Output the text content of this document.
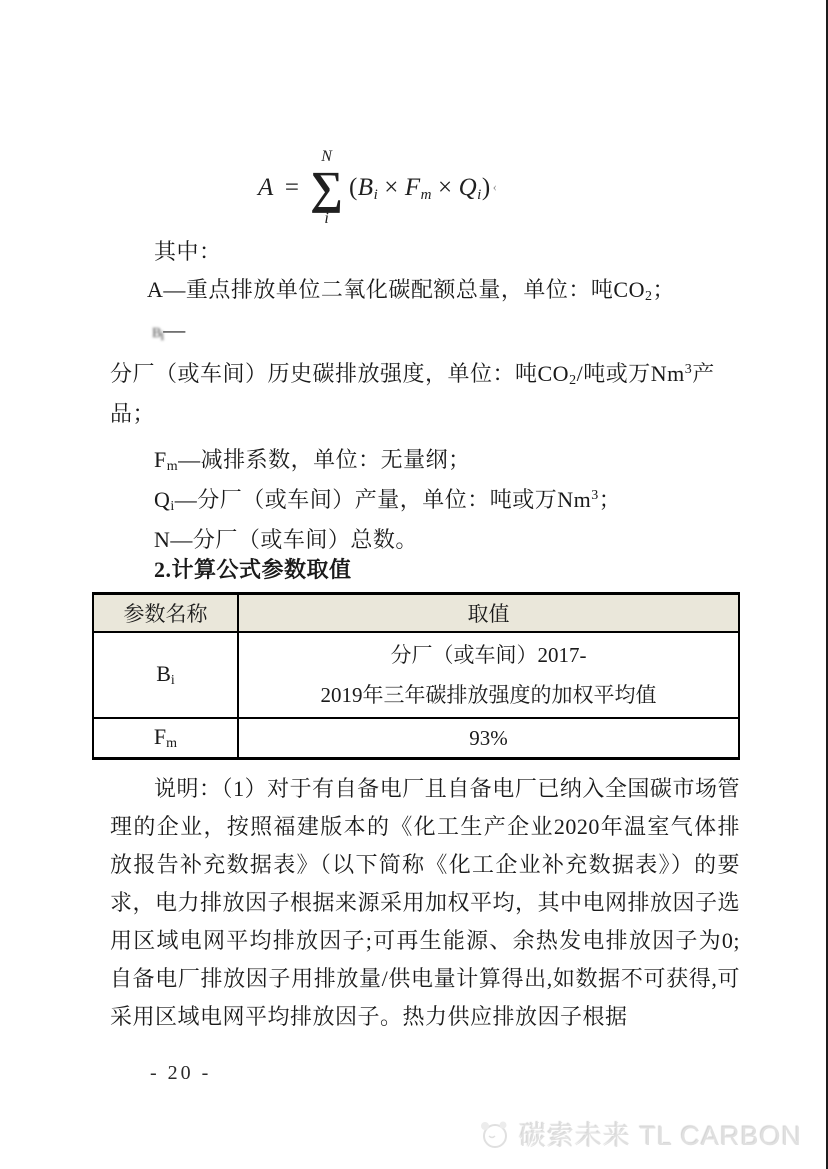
A =
N
∑
i
$(B_i \times F_m \times Q_i)$ ‹

其中：

A—重点排放单位二氧化碳配额总量，单位：吨$CO_2$；

$B_i—$

分厂（或车间）历史碳排放强度，单位：吨$CO_2/$吨或万Nm$^3$产

品；

$F_m—$减排系数，单位：无量纲；

$Q_i—$分厂（或车间）产量，单位：吨或万Nm$^3$；

N—分厂（或车间）总数。

2.计算公式参数取值

参数名称	取值
$B_i$	分厂（或车间）2017-
2019年三年碳排放强度的加权平均值

$F_m$	93%

说明：（1）对于有自备电厂且自备电厂已纳入全国碳市场管理的企业，按照福建版本的《化工生产企业2020年温室气体排放报告补充数据表》（以下简称《化工企业补充数据表》）的要求，电力排放因子根据来源采用加权平均，其中电网排放因子选用区域电网平均排放因子;可再生能源、余热发电排放因子为0;自备电厂排放因子用排放量/供电量计算得出,如数据不可获得,可采用区域电网平均排放因子。热力供应排放因子根据

- 20 -

碳索未来 TL CARBON
